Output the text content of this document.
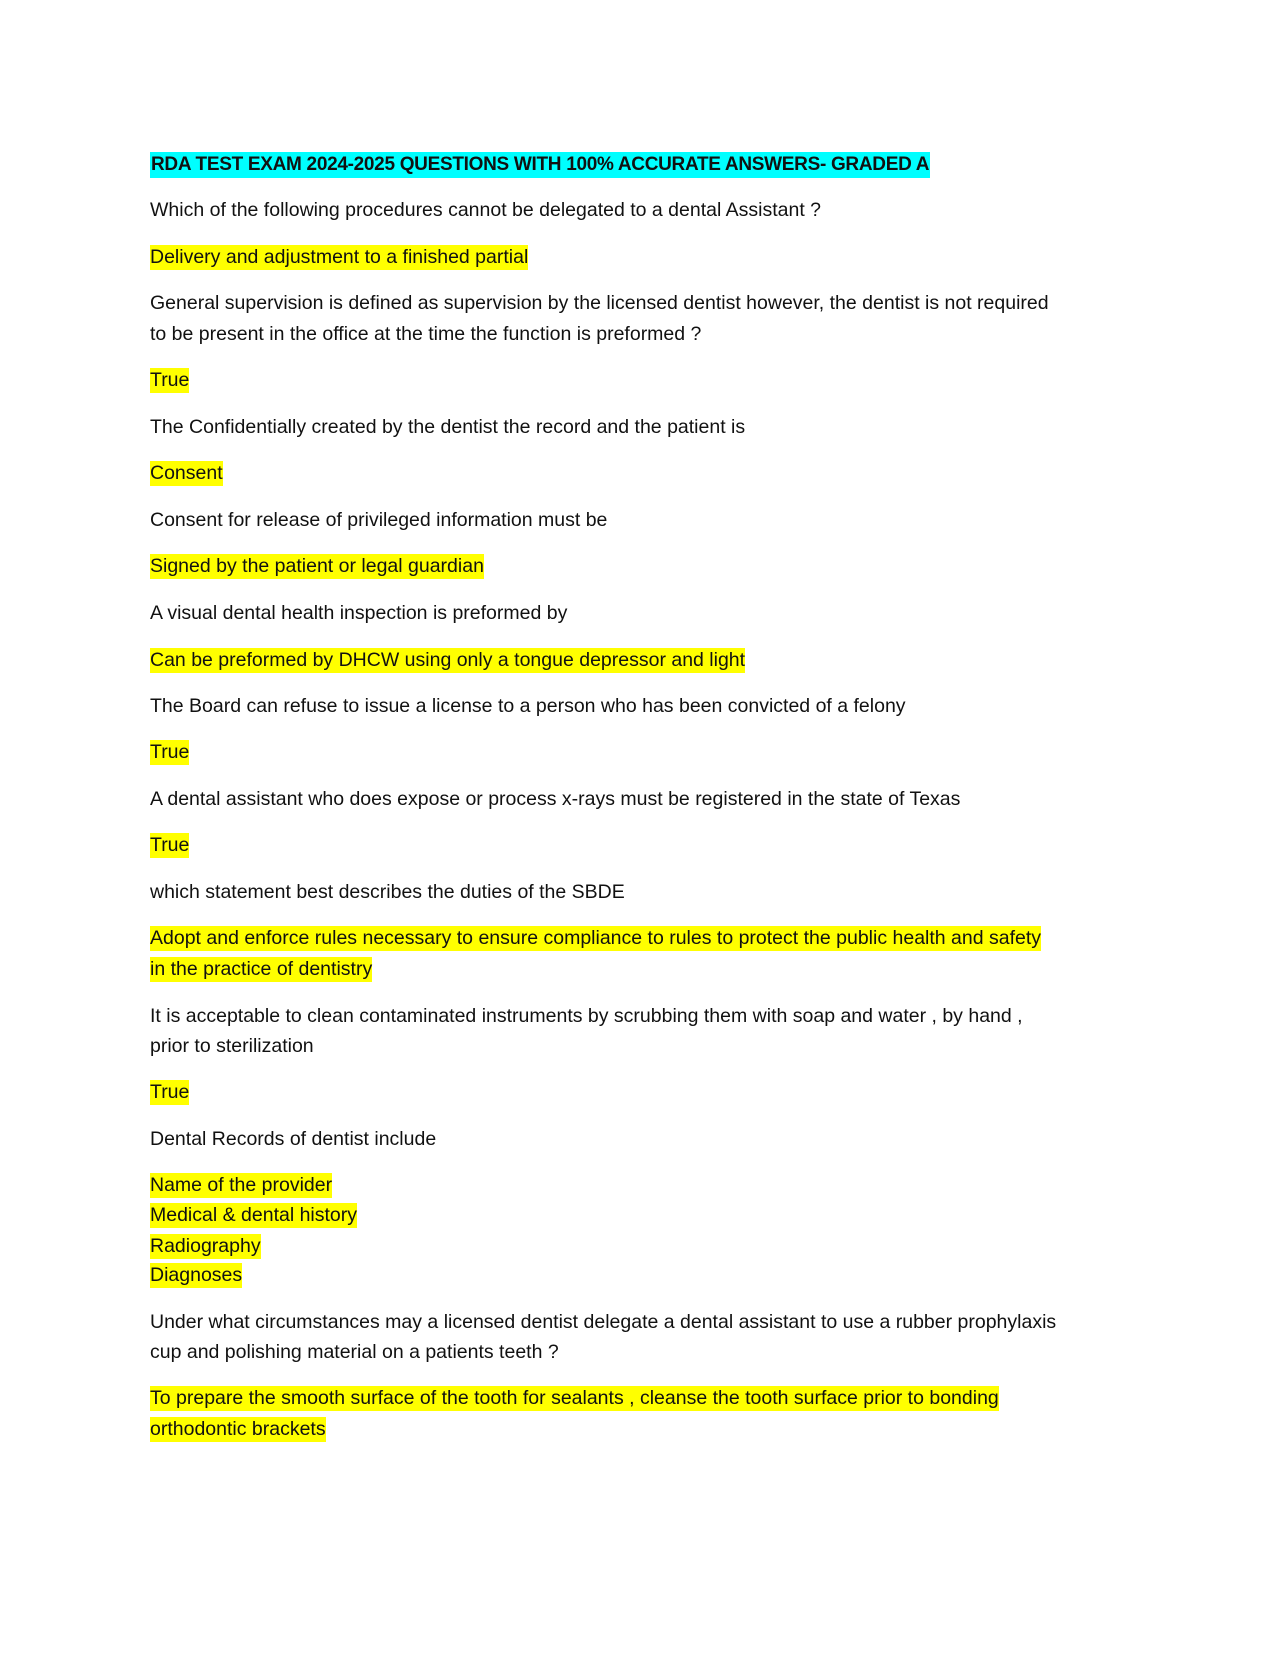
RDA TEST EXAM 2024-2025 QUESTIONS WITH 100% ACCURATE ANSWERS- GRADED A
Which of the following procedures cannot be delegated to a dental Assistant ?
Delivery and adjustment to a finished partial
General supervision is defined as supervision by the licensed dentist however, the dentist is not required
to be present in the office at the time the function is preformed ?
True
The Confidentially created by the dentist the record and the patient is
Consent
Consent for release of privileged information must be
Signed by the patient or legal guardian
A visual dental health inspection is preformed by
Can be preformed by DHCW using only a tongue depressor and light
The Board can refuse to issue a license to a person who has been convicted of a felony
True
A dental assistant who does expose or process x-rays must be registered in the state of Texas
True
which statement best describes the duties of the SBDE
Adopt and enforce rules necessary to ensure compliance to rules to protect the public health and safety
in the practice of dentistry
It is acceptable to clean contaminated instruments by scrubbing them with soap and water , by hand ,
prior to sterilization
True
Dental Records of dentist include
Name of the provider
Medical & dental history
Radiography
Diagnoses
Under what circumstances may a licensed dentist delegate a dental assistant to use a rubber prophylaxis
cup and polishing material on a patients teeth ?
To prepare the smooth surface of the tooth for sealants , cleanse the tooth surface prior to bonding
orthodontic brackets
